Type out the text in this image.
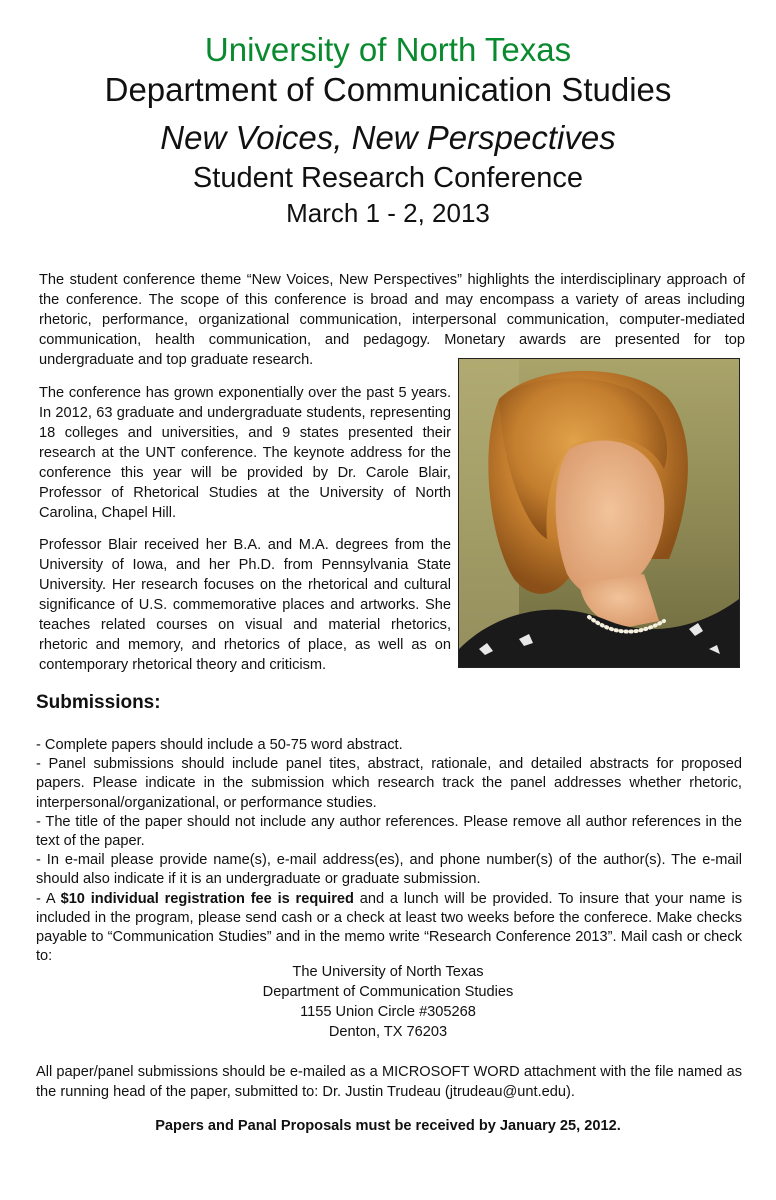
University of North Texas
Department of Communication Studies
New Voices, New Perspectives
Student Research Conference
March 1 - 2, 2013
The student conference theme “New Voices, New Perspectives” highlights the interdisciplinary approach of the conference. The scope of this conference is broad and may encompass a variety of areas including rhetoric, performance, organizational communication, interpersonal communication, computer-mediated communication, health communication, and pedagogy. Monetary awards are presented for top undergraduate and top graduate research.
The conference has grown exponentially over the past 5 years. In 2012, 63 graduate and undergraduate students, representing 18 colleges and universities, and 9 states presented their research at the UNT conference. The keynote address for the conference this year will be provided by Dr. Carole Blair, Professor of Rhetorical Studies at the University of North Carolina, Chapel Hill.
Professor Blair received her B.A. and M.A. degrees from the University of Iowa, and her Ph.D. from Pennsylvania State University. Her research focuses on the rhetorical and cultural significance of U.S. commemorative places and artworks. She teaches related courses on visual and material rhetorics, rhetoric and memory, and rhetorics of place, as well as on contemporary rhetorical theory and criticism.
Submissions:
- Complete papers should include a 50-75 word abstract.
- Panel submissions should include panel tites, abstract, rationale, and detailed abstracts for proposed papers. Please indicate in the submission which research track the panel addresses whether rhetoric, interpersonal/organizational, or performance studies.
- The title of the paper should not include any author references. Please remove all author references in the text of the paper.
- In e-mail please provide name(s), e-mail address(es), and phone number(s) of the author(s). The e-mail should also indicate if it is an undergraduate or graduate submission.
- A $10 individual registration fee is required and a lunch will be provided. To insure that your name is included in the program, please send cash or a check at least two weeks before the conferece. Make checks payable to “Communication Studies” and in the memo write “Research Conference 2013”. Mail cash or check to:
The University of North Texas
Department of Communication Studies
1155 Union Circle #305268
Denton, TX 76203
All paper/panel submissions should be e-mailed as a MICROSOFT WORD attachment with the file named as the running head of the paper, submitted to: Dr. Justin Trudeau (jtrudeau@unt.edu).
Papers and Panal Proposals must be received by January 25, 2012.
